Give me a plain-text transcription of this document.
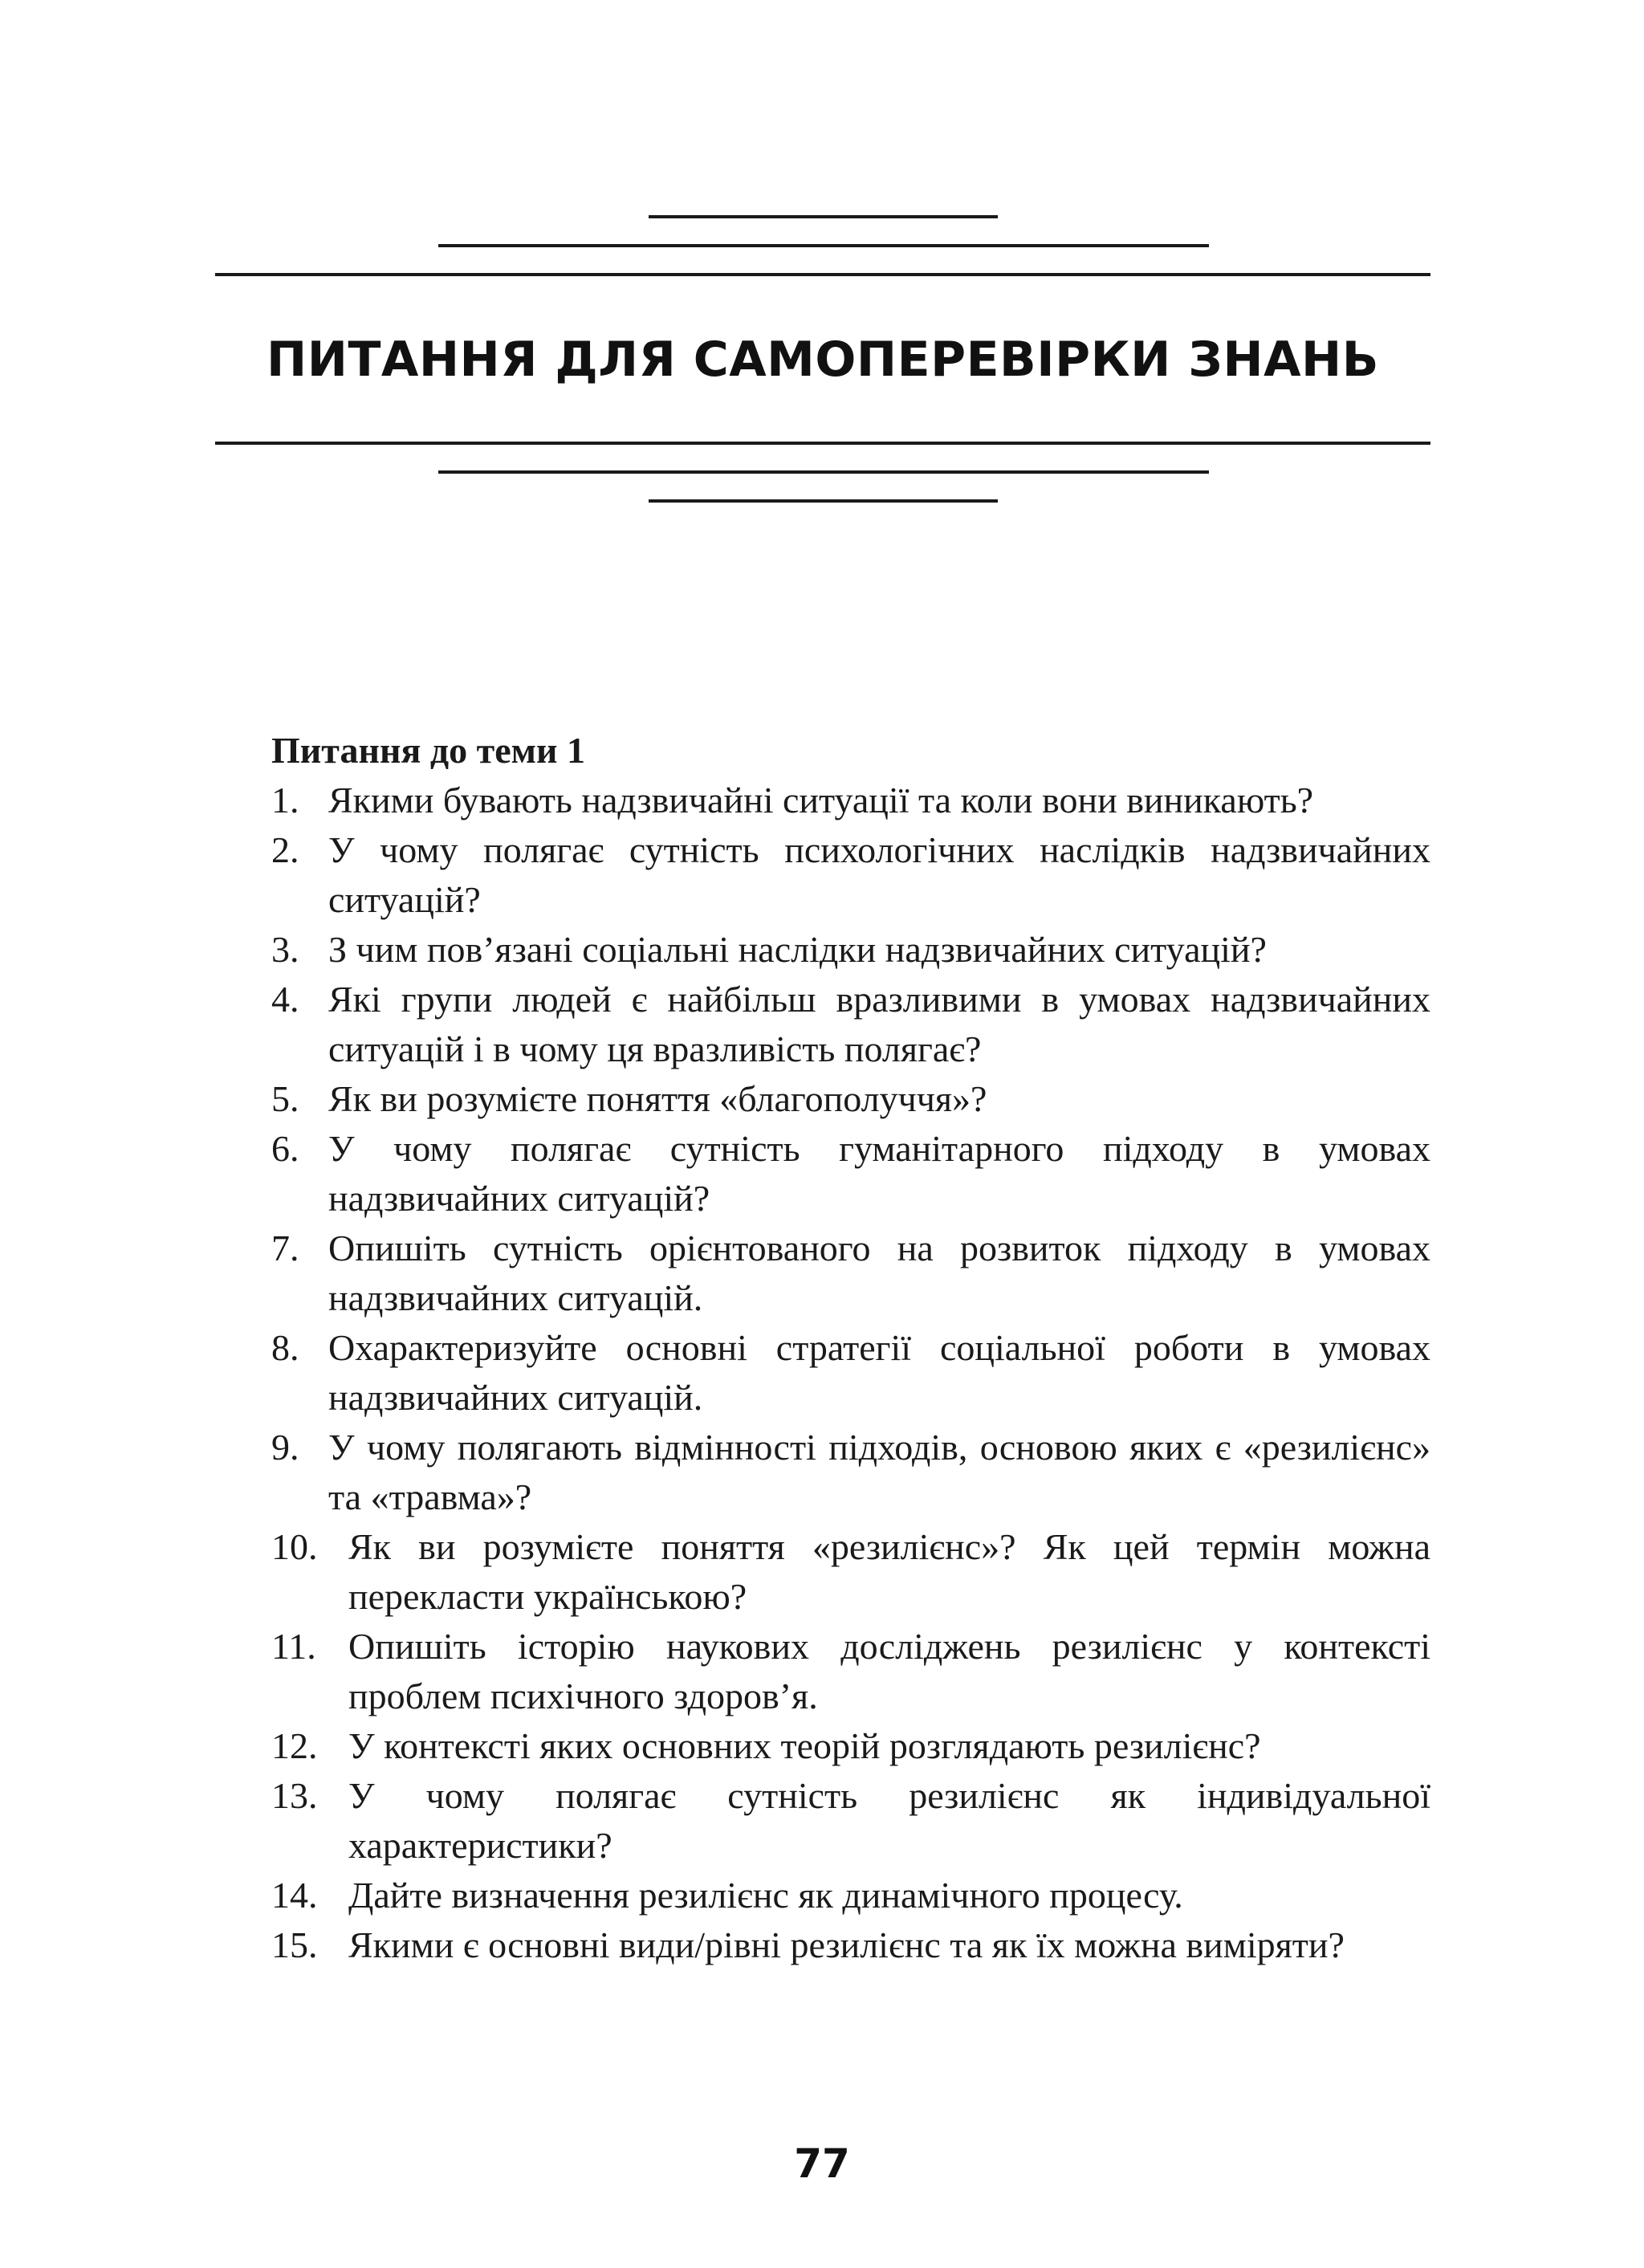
ПИТАННЯ ДЛЯ САМОПЕРЕВІРКИ ЗНАНЬ
Питання до теми 1
1. Якими бувають надзвичайні ситуації та коли вони виникають?
2. У чому полягає сутність психологічних наслідків надзвичайних ситуацій?
3. З чим пов’язані соціальні наслідки надзвичайних ситуацій?
4. Які групи людей є найбільш вразливими в умовах надзвичайних ситуацій і в чому ця вразливість полягає?
5. Як ви розумієте поняття «благополуччя»?
6. У чому полягає сутність гуманітарного підходу в умовах надзвичайних ситуацій?
7. Опишіть сутність орієнтованого на розвиток підходу в умовах надзвичайних ситуацій.
8. Охарактеризуйте основні стратегії соціальної роботи в умовах надзвичайних ситуацій.
9. У чому полягають відмінності підходів, основою яких є «резилієнс» та «травма»?
10. Як ви розумієте поняття «резилієнс»? Як цей термін можна перекласти українською?
11. Опишіть історію наукових досліджень резилієнс у контексті проблем психічного здоров’я.
12. У контексті яких основних теорій розглядають резилієнс?
13. У чому полягає сутність резилієнс як індивідуальної характеристики?
14. Дайте визначення резилієнс як динамічного процесу.
15. Якими є основні види/рівні резилієнс та як їх можна виміряти?
77
